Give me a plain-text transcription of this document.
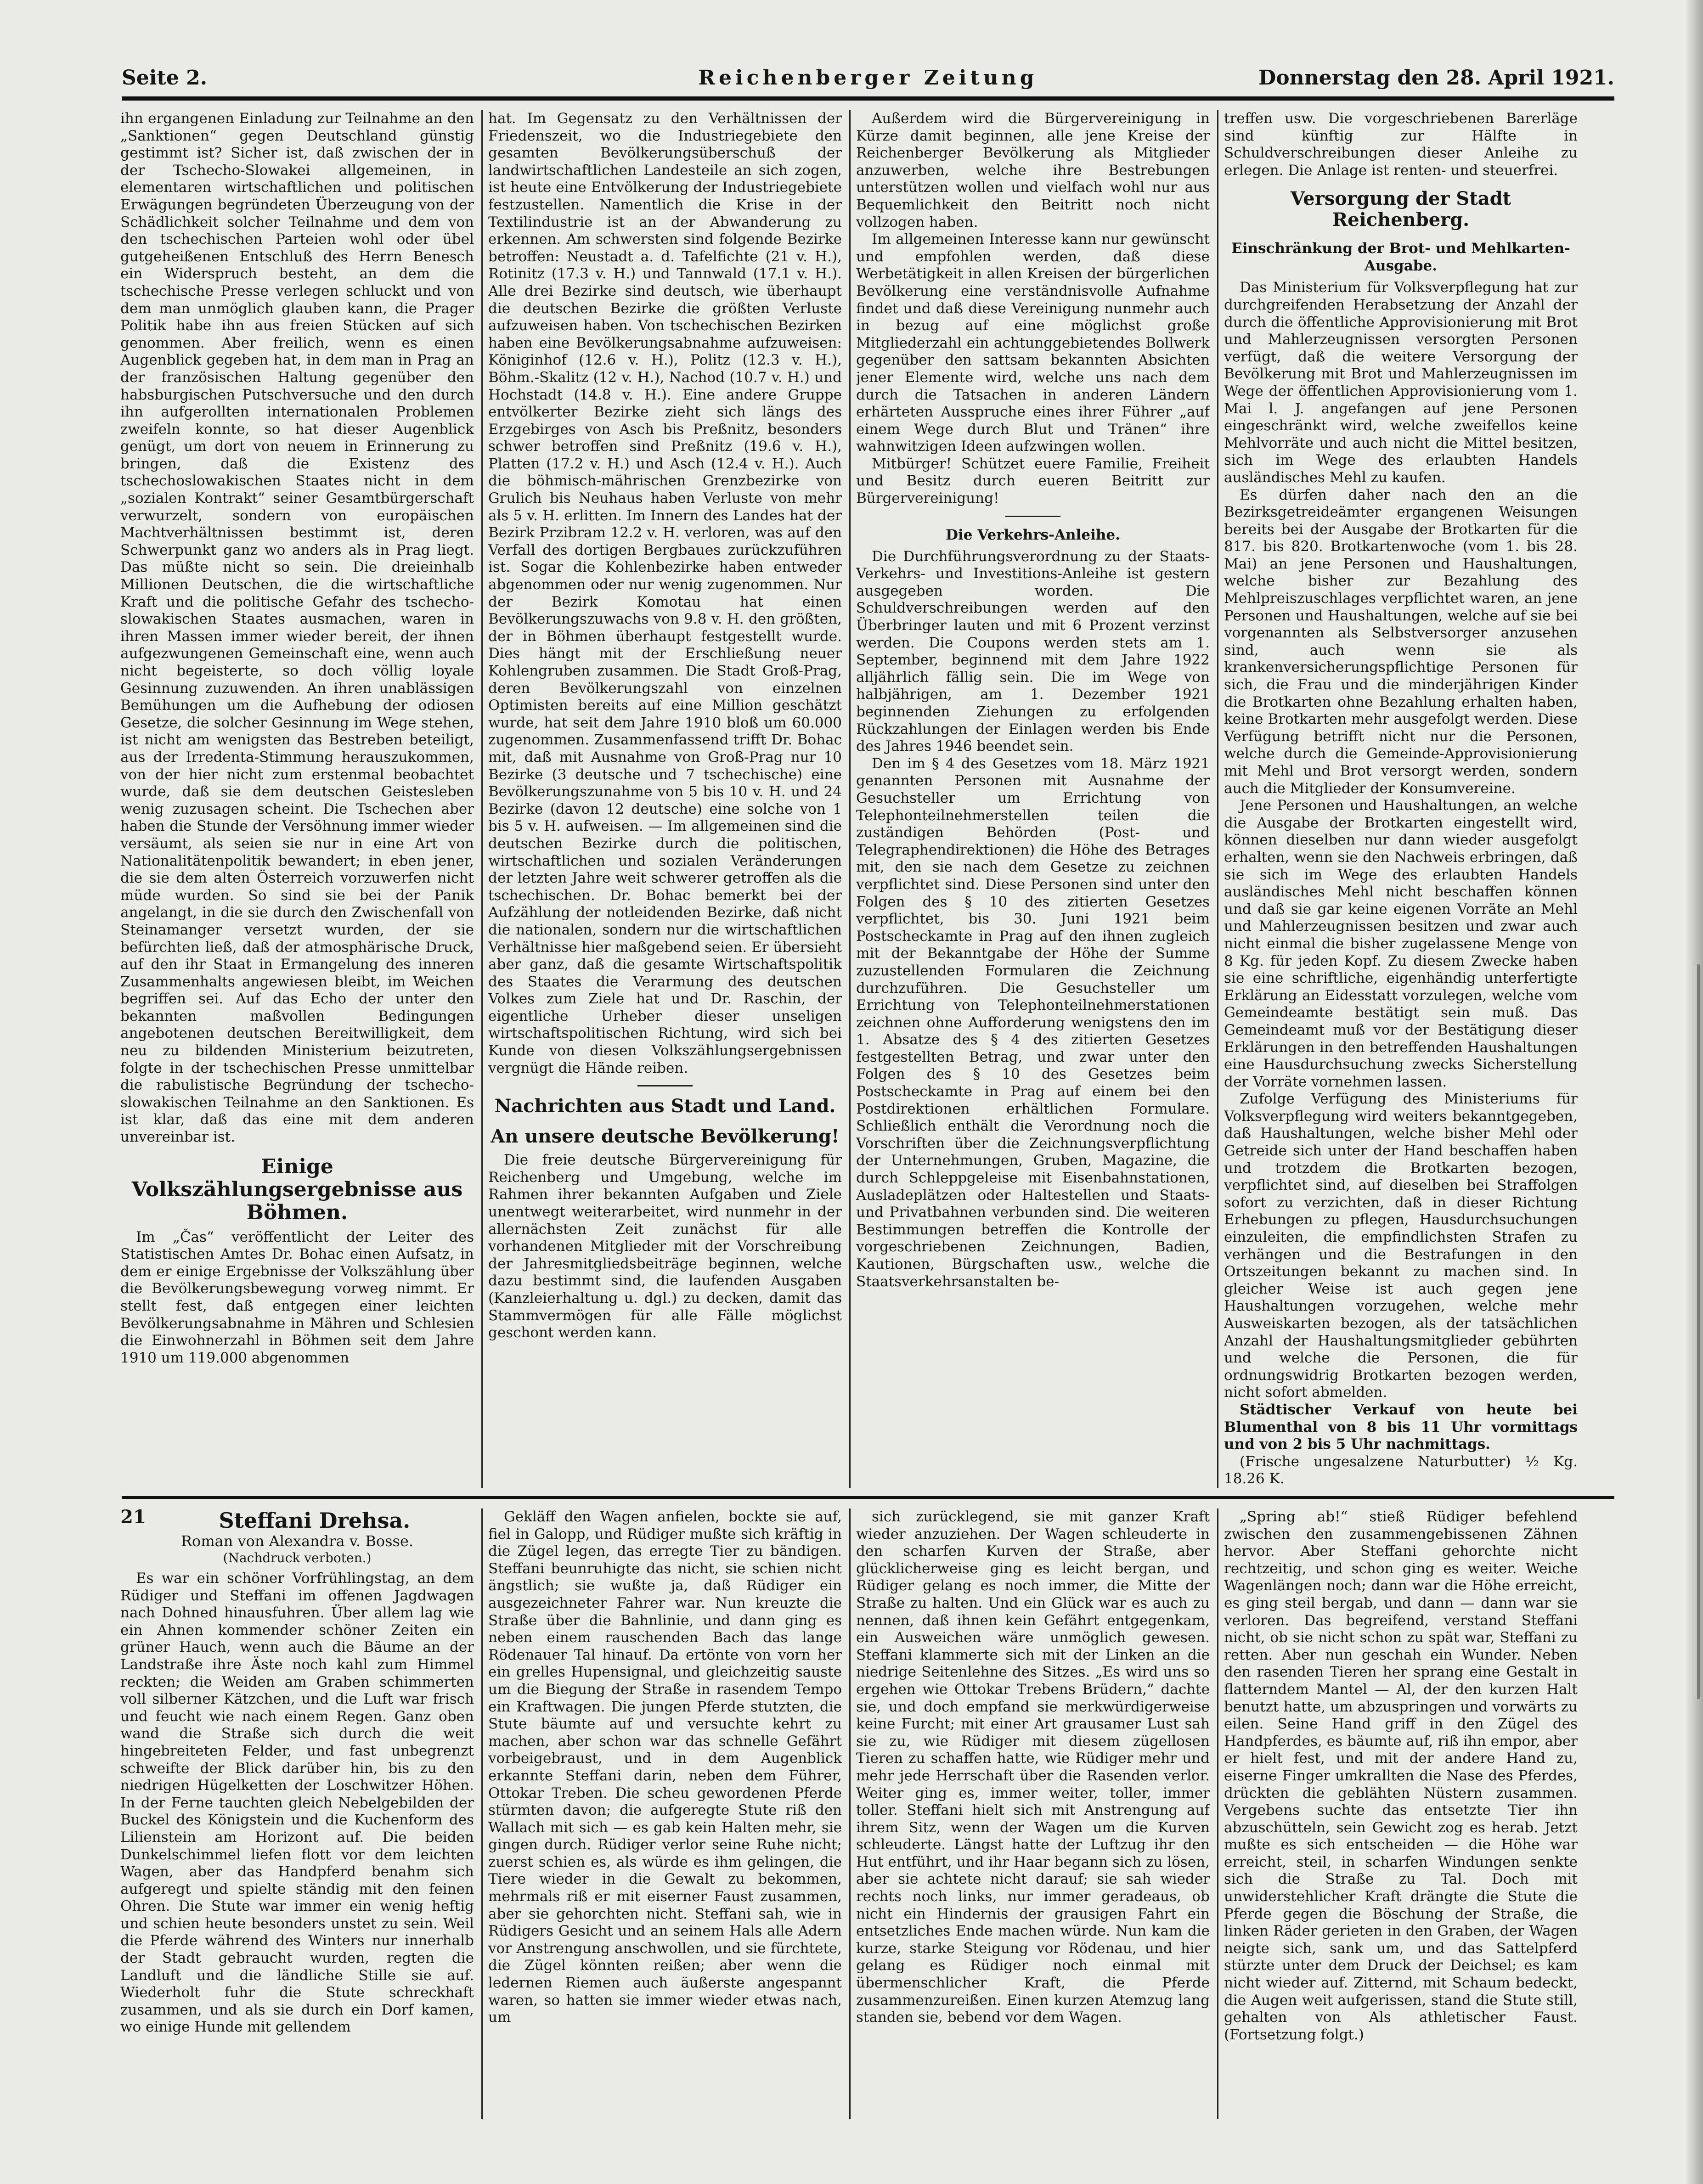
Seite 2.	Reichenberger Zeitung	Donnerstag den 28. April 1921.

ihn ergangenen Einladung zur Teilnahme an den „Sanktionen“ gegen Deutschland günstig gestimmt ist? Sicher ist, daß zwischen der in der Tschecho-Slowakei allgemeinen, in elementaren wirtschaftlichen und politischen Erwägungen begründeten Überzeugung von der Schädlichkeit solcher Teilnahme und dem von den tschechischen Parteien wohl oder übel gutgeheißenen Entschluß des Herrn Benesch ein Widerspruch besteht, an dem die tschechische Presse verlegen schluckt und von dem man unmöglich glauben kann, die Prager Politik habe ihn aus freien Stücken auf sich genommen. Aber freilich, wenn es einen Augenblick gegeben hat, in dem man in Prag an der französischen Haltung gegenüber den habsburgischen Putschversuche und den durch ihn aufgerollten internationalen Problemen zweifeln konnte, so hat dieser Augenblick genügt, um dort von neuem in Erinnerung zu bringen, daß die Existenz des tschechoslowakischen Staates nicht in dem „sozialen Kontrakt“ seiner Gesamtbürgerschaft verwurzelt, sondern von europäischen Machtverhältnissen bestimmt ist, deren Schwerpunkt ganz wo anders als in Prag liegt. Das müßte nicht so sein. Die dreieinhalb Millionen Deutschen, die die wirtschaftliche Kraft und die politische Gefahr des tschecho-slowakischen Staates ausmachen, waren in ihren Massen immer wieder bereit, der ihnen aufgezwungenen Gemeinschaft eine, wenn auch nicht begeisterte, so doch völlig loyale Gesinnung zuzuwenden. An ihren unablässigen Bemühungen um die Aufhebung der odiosen Gesetze, die solcher Gesinnung im Wege stehen, ist nicht am wenigsten das Bestreben beteiligt, aus der Irredenta-Stimmung herauszukommen, von der hier nicht zum erstenmal beobachtet wurde, daß sie dem deutschen Geistesleben wenig zuzusagen scheint. Die Tschechen aber haben die Stunde der Versöhnung immer wieder versäumt, als seien sie nur in eine Art von Nationalitätenpolitik bewandert; in eben jener, die sie dem alten Österreich vorzuwerfen nicht müde wurden. So sind sie bei der Panik angelangt, in die sie durch den Zwischenfall von Steinamanger versetzt wurden, der sie befürchten ließ, daß der atmosphärische Druck, auf den ihr Staat in Ermangelung des inneren Zusammenhalts angewiesen bleibt, im Weichen begriffen sei. Auf das Echo der unter den bekannten maßvollen Bedingungen angebotenen deutschen Bereitwilligkeit, dem neu zu bildenden Ministerium beizutreten, folgte in der tschechischen Presse unmittelbar die rabulistische Begründung der tschecho-slowakischen Teilnahme an den Sanktionen. Es ist klar, daß das eine mit dem anderen unvereinbar ist.

Einige Volkszählungsergebnisse aus Böhmen.

Im „Čas“ veröffentlicht der Leiter des Statistischen Amtes Dr. Bohac einen Aufsatz, in dem er einige Ergebnisse der Volkszählung über die Bevölkerungsbewegung vorweg nimmt. Er stellt fest, daß entgegen einer leichten Bevölkerungsabnahme in Mähren und Schlesien die Einwohnerzahl in Böhmen seit dem Jahre 1910 um 119.000 abgenommen

hat. Im Gegensatz zu den Verhältnissen der Friedenszeit, wo die Industriegebiete den gesamten Bevölkerungsüberschuß der landwirtschaftlichen Landesteile an sich zogen, ist heute eine Entvölkerung der Industriegebiete festzustellen. Namentlich die Krise in der Textilindustrie ist an der Abwanderung zu erkennen. Am schwersten sind folgende Bezirke betroffen: Neustadt a. d. Tafelfichte (21 v. H.), Rotinitz (17.3 v. H.) und Tannwald (17.1 v. H.). Alle drei Bezirke sind deutsch, wie überhaupt die deutschen Bezirke die größten Verluste aufzuweisen haben. Von tschechischen Bezirken haben eine Bevölkerungsabnahme aufzuweisen: Königinhof (12.6 v. H.), Politz (12.3 v. H.), Böhm.-Skalitz (12 v. H.), Nachod (10.7 v. H.) und Hochstadt (14.8 v. H.). Eine andere Gruppe entvölkerter Bezirke zieht sich längs des Erzgebirges von Asch bis Preßnitz, besonders schwer betroffen sind Preßnitz (19.6 v. H.), Platten (17.2 v. H.) und Asch (12.4 v. H.). Auch die böhmisch-mährischen Grenzbezirke von Grulich bis Neuhaus haben Verluste von mehr als 5 v. H. erlitten. Im Innern des Landes hat der Bezirk Przibram 12.2 v. H. verloren, was auf den Verfall des dortigen Bergbaues zurückzuführen ist. Sogar die Kohlenbezirke haben entweder abgenommen oder nur wenig zugenommen. Nur der Bezirk Komotau hat einen Bevölkerungszuwachs von 9.8 v. H. den größten, der in Böhmen überhaupt festgestellt wurde. Dies hängt mit der Erschließung neuer Kohlengruben zusammen. Die Stadt Groß-Prag, deren Bevölkerungszahl von einzelnen Optimisten bereits auf eine Million geschätzt wurde, hat seit dem Jahre 1910 bloß um 60.000 zugenommen. Zusammenfassend trifft Dr. Bohac mit, daß mit Ausnahme von Groß-Prag nur 10 Bezirke (3 deutsche und 7 tschechische) eine Bevölkerungszunahme von 5 bis 10 v. H. und 24 Bezirke (davon 12 deutsche) eine solche von 1 bis 5 v. H. aufweisen. — Im allgemeinen sind die deutschen Bezirke durch die politischen, wirtschaftlichen und sozialen Veränderungen der letzten Jahre weit schwerer getroffen als die tschechischen. Dr. Bohac bemerkt bei der Aufzählung der notleidenden Bezirke, daß nicht die nationalen, sondern nur die wirtschaftlichen Verhältnisse hier maßgebend seien. Er übersieht aber ganz, daß die gesamte Wirtschaftspolitik des Staates die Verarmung des deutschen Volkes zum Ziele hat und Dr. Raschin, der eigentliche Urheber dieser unseligen wirtschaftspolitischen Richtung, wird sich bei Kunde von diesen Volkszählungsergebnissen vergnügt die Hände reiben.

Nachrichten aus Stadt und Land.
An unsere deutsche Bevölkerung!

Die freie deutsche Bürgervereinigung für Reichenberg und Umgebung, welche im Rahmen ihrer bekannten Aufgaben und Ziele unentwegt weiterarbeitet, wird nunmehr in der allernächsten Zeit zunächst für alle vorhandenen Mitglieder mit der Vorschreibung der Jahresmitgliedsbeiträge beginnen, welche dazu bestimmt sind, die laufenden Ausgaben (Kanzleierhaltung u. dgl.) zu decken, damit das Stammvermögen für alle Fälle möglichst geschont werden kann.

Außerdem wird die Bürgervereinigung in Kürze damit beginnen, alle jene Kreise der Reichenberger Bevölkerung als Mitglieder anzuwerben, welche ihre Bestrebungen unterstützen wollen und vielfach wohl nur aus Bequemlichkeit den Beitritt noch nicht vollzogen haben.

Im allgemeinen Interesse kann nur gewünscht und empfohlen werden, daß diese Werbetätigkeit in allen Kreisen der bürgerlichen Bevölkerung eine verständnisvolle Aufnahme findet und daß diese Vereinigung nunmehr auch in bezug auf eine möglichst große Mitgliederzahl ein achtunggebietendes Bollwerk gegenüber den sattsam bekannten Absichten jener Elemente wird, welche uns nach dem durch die Tatsachen in anderen Ländern erhärteten Ausspruche eines ihrer Führer „auf einem Wege durch Blut und Tränen“ ihre wahnwitzigen Ideen aufzwingen wollen.

Mitbürger! Schützet euere Familie, Freiheit und Besitz durch eueren Beitritt zur Bürgervereinigung!

Die Verkehrs-Anleihe.

Die Durchführungsverordnung zu der Staats-Verkehrs- und Investitions-Anleihe ist gestern ausgegeben worden. Die Schuldverschreibungen werden auf den Überbringer lauten und mit 6 Prozent verzinst werden. Die Coupons werden stets am 1. September, beginnend mit dem Jahre 1922 alljährlich fällig sein. Die im Wege von halbjährigen, am 1. Dezember 1921 beginnenden Ziehungen zu erfolgenden Rückzahlungen der Einlagen werden bis Ende des Jahres 1946 beendet sein.

Den im § 4 des Gesetzes vom 18. März 1921 genannten Personen mit Ausnahme der Gesuchsteller um Errichtung von Telephonteilnehmerstellen teilen die zuständigen Behörden (Post- und Telegraphendirektionen) die Höhe des Betrages mit, den sie nach dem Gesetze zu zeichnen verpflichtet sind. Diese Personen sind unter den Folgen des § 10 des zitierten Gesetzes verpflichtet, bis 30. Juni 1921 beim Postscheckamte in Prag auf den ihnen zugleich mit der Bekanntgabe der Höhe der Summe zuzustellenden Formularen die Zeichnung durchzuführen. Die Gesuchsteller um Errichtung von Telephonteilnehmerstationen zeichnen ohne Aufforderung wenigstens den im 1. Absatze des § 4 des zitierten Gesetzes festgestellten Betrag, und zwar unter den Folgen des § 10 des Gesetzes beim Postscheckamte in Prag auf einem bei den Postdirektionen erhältlichen Formulare. Schließlich enthält die Verordnung noch die Vorschriften über die Zeichnungsverpflichtung der Unternehmungen, Gruben, Magazine, die durch Schleppgeleise mit Eisenbahnstationen, Ausladeplätzen oder Haltestellen und Staats- und Privatbahnen verbunden sind. Die weiteren Bestimmungen betreffen die Kontrolle der vorgeschriebenen Zeichnungen, Badien, Kautionen, Bürgschaften usw., welche die Staatsverkehrsanstalten be-

treffen usw. Die vorgeschriebenen Barerläge sind künftig zur Hälfte in Schuldverschreibungen dieser Anleihe zu erlegen. Die Anlage ist renten- und steuerfrei.

Versorgung der Stadt Reichenberg.
Einschränkung der Brot- und Mehlkarten-Ausgabe.

Das Ministerium für Volksverpflegung hat zur durchgreifenden Herabsetzung der Anzahl der durch die öffentliche Approvisionierung mit Brot und Mahlerzeugnissen versorgten Personen verfügt, daß die weitere Versorgung der Bevölkerung mit Brot und Mahlerzeugnissen im Wege der öffentlichen Approvisionierung vom 1. Mai l. J. angefangen auf jene Personen eingeschränkt wird, welche zweifellos keine Mehlvorräte und auch nicht die Mittel besitzen, sich im Wege des erlaubten Handels ausländisches Mehl zu kaufen.

Es dürfen daher nach den an die Bezirksgetreideämter ergangenen Weisungen bereits bei der Ausgabe der Brotkarten für die 817. bis 820. Brotkartenwoche (vom 1. bis 28. Mai) an jene Personen und Haushaltungen, welche bisher zur Bezahlung des Mehlpreiszuschlages verpflichtet waren, an jene Personen und Haushaltungen, welche auf sie bei vorgenannten als Selbstversorger anzusehen sind, auch wenn sie als krankenversicherungspflichtige Personen für sich, die Frau und die minderjährigen Kinder die Brotkarten ohne Bezahlung erhalten haben, keine Brotkarten mehr ausgefolgt werden. Diese Verfügung betrifft nicht nur die Personen, welche durch die Gemeinde-Approvisionierung mit Mehl und Brot versorgt werden, sondern auch die Mitglieder der Konsumvereine.

Jene Personen und Haushaltungen, an welche die Ausgabe der Brotkarten eingestellt wird, können dieselben nur dann wieder ausgefolgt erhalten, wenn sie den Nachweis erbringen, daß sie sich im Wege des erlaubten Handels ausländisches Mehl nicht beschaffen können und daß sie gar keine eigenen Vorräte an Mehl und Mahlerzeugnissen besitzen und zwar auch nicht einmal die bisher zugelassene Menge von 8 Kg. für jeden Kopf. Zu diesem Zwecke haben sie eine schriftliche, eigenhändig unterfertigte Erklärung an Eidesstatt vorzulegen, welche vom Gemeindeamte bestätigt sein muß. Das Gemeindeamt muß vor der Bestätigung dieser Erklärungen in den betreffenden Haushaltungen eine Hausdurchsuchung zwecks Sicherstellung der Vorräte vornehmen lassen.

Zufolge Verfügung des Ministeriums für Volksverpflegung wird weiters bekanntgegeben, daß Haushaltungen, welche bisher Mehl oder Getreide sich unter der Hand beschaffen haben und trotzdem die Brotkarten bezogen, verpflichtet sind, auf dieselben bei Straffolgen sofort zu verzichten, daß in dieser Richtung Erhebungen zu pflegen, Hausdurchsuchungen einzuleiten, die empfindlichsten Strafen zu verhängen und die Bestrafungen in den Ortszeitungen bekannt zu machen sind. In gleicher Weise ist auch gegen jene Haushaltungen vorzugehen, welche mehr Ausweiskarten bezogen, als der tatsächlichen Anzahl der Haushaltungsmitglieder gebührten und welche die Personen, die für ordnungswidrig Brotkarten bezogen werden, nicht sofort abmelden.

Städtischer Verkauf von heute bei Blumenthal von 8 bis 11 Uhr vormittags und von 2 bis 5 Uhr nachmittags.

(Frische ungesalzene Naturbutter) ½ Kg. 18.26 K.

21	Steffani Drehsa.
Roman von Alexandra v. Bosse.
(Nachdruck verboten.)

Es war ein schöner Vorfrühlingstag, an dem Rüdiger und Steffani im offenen Jagdwagen nach Dohned hinausfuhren. Über allem lag wie ein Ahnen kommender schöner Zeiten ein grüner Hauch, wenn auch die Bäume an der Landstraße ihre Äste noch kahl zum Himmel reckten; die Weiden am Graben schimmerten voll silberner Kätzchen, und die Luft war frisch und feucht wie nach einem Regen. Ganz oben wand die Straße sich durch die weit hingebreiteten Felder, und fast unbegrenzt schweifte der Blick darüber hin, bis zu den niedrigen Hügelketten der Loschwitzer Höhen. In der Ferne tauchten gleich Nebelgebilden der Buckel des Königstein und die Kuchenform des Lilienstein am Horizont auf. Die beiden Dunkelschimmel liefen flott vor dem leichten Wagen, aber das Handpferd benahm sich aufgeregt und spielte ständig mit den feinen Ohren. Die Stute war immer ein wenig heftig und schien heute besonders unstet zu sein. Weil die Pferde während des Winters nur innerhalb der Stadt gebraucht wurden, regten die Landluft und die ländliche Stille sie auf. Wiederholt fuhr die Stute schreckhaft zusammen, und als sie durch ein Dorf kamen, wo einige Hunde mit gellendem

Gekläff den Wagen anfielen, bockte sie auf, fiel in Galopp, und Rüdiger mußte sich kräftig in die Zügel legen, das erregte Tier zu bändigen. Steffani beunruhigte das nicht, sie schien nicht ängstlich; sie wußte ja, daß Rüdiger ein ausgezeichneter Fahrer war. Nun kreuzte die Straße über die Bahnlinie, und dann ging es neben einem rauschenden Bach das lange Rödenauer Tal hinauf. Da ertönte von vorn her ein grelles Hupensignal, und gleichzeitig sauste um die Biegung der Straße in rasendem Tempo ein Kraftwagen. Die jungen Pferde stutzten, die Stute bäumte auf und versuchte kehrt zu machen, aber schon war das schnelle Gefährt vorbeigebraust, und in dem Augenblick erkannte Steffani darin, neben dem Führer, Ottokar Treben. Die scheu gewordenen Pferde stürmten davon; die aufgeregte Stute riß den Wallach mit sich — es gab kein Halten mehr, sie gingen durch. Rüdiger verlor seine Ruhe nicht; zuerst schien es, als würde es ihm gelingen, die Tiere wieder in die Gewalt zu bekommen, mehrmals riß er mit eiserner Faust zusammen, aber sie gehorchten nicht. Steffani sah, wie in Rüdigers Gesicht und an seinem Hals alle Adern vor Anstrengung anschwollen, und sie fürchtete, die Zügel könnten reißen; aber wenn die ledernen Riemen auch äußerste angespannt waren, so hatten sie immer wieder etwas nach, um

sich zurücklegend, sie mit ganzer Kraft wieder anzuziehen. Der Wagen schleuderte in den scharfen Kurven der Straße, aber glücklicherweise ging es leicht bergan, und Rüdiger gelang es noch immer, die Mitte der Straße zu halten. Und ein Glück war es auch zu nennen, daß ihnen kein Gefährt entgegenkam, ein Ausweichen wäre unmöglich gewesen. Steffani klammerte sich mit der Linken an die niedrige Seitenlehne des Sitzes. „Es wird uns so ergehen wie Ottokar Trebens Brüdern,“ dachte sie, und doch empfand sie merkwürdigerweise keine Furcht; mit einer Art grausamer Lust sah sie zu, wie Rüdiger mit diesem zügellosen Tieren zu schaffen hatte, wie Rüdiger mehr und mehr jede Herrschaft über die Rasenden verlor. Weiter ging es, immer weiter, toller, immer toller. Steffani hielt sich mit Anstrengung auf ihrem Sitz, wenn der Wagen um die Kurven schleuderte. Längst hatte der Luftzug ihr den Hut entführt, und ihr Haar begann sich zu lösen, aber sie achtete nicht darauf; sie sah wieder rechts noch links, nur immer geradeaus, ob nicht ein Hindernis der grausigen Fahrt ein entsetzliches Ende machen würde. Nun kam die kurze, starke Steigung vor Rödenau, und hier gelang es Rüdiger noch einmal mit übermenschlicher Kraft, die Pferde zusammenzureißen. Einen kurzen Atemzug lang standen sie, bebend vor dem Wagen.

„Spring ab!“ stieß Rüdiger befehlend zwischen den zusammengebissenen Zähnen hervor. Aber Steffani gehorchte nicht rechtzeitig, und schon ging es weiter. Weiche Wagenlängen noch; dann war die Höhe erreicht, es ging steil bergab, und dann — dann war sie verloren. Das begreifend, verstand Steffani nicht, ob sie nicht schon zu spät war, Steffani zu retten. Aber nun geschah ein Wunder. Neben den rasenden Tieren her sprang eine Gestalt in flatterndem Mantel — Al, der den kurzen Halt benutzt hatte, um abzuspringen und vorwärts zu eilen. Seine Hand griff in den Zügel des Handpferdes, es bäumte auf, riß ihn empor, aber er hielt fest, und mit der andere Hand zu, eiserne Finger umkrallten die Nase des Pferdes, drückten die geblähten Nüstern zusammen. Vergebens suchte das entsetzte Tier ihn abzuschütteln, sein Gewicht zog es herab. Jetzt mußte es sich entscheiden — die Höhe war erreicht, steil, in scharfen Windungen senkte sich die Straße zu Tal. Doch mit unwiderstehlicher Kraft drängte die Stute die Pferde gegen die Böschung der Straße, die linken Räder gerieten in den Graben, der Wagen neigte sich, sank um, und das Sattelpferd stürzte unter dem Druck der Deichsel; es kam nicht wieder auf. Zitternd, mit Schaum bedeckt, die Augen weit aufgerissen, stand die Stute still, gehalten von Als athletischer Faust. (Fortsetzung folgt.)
